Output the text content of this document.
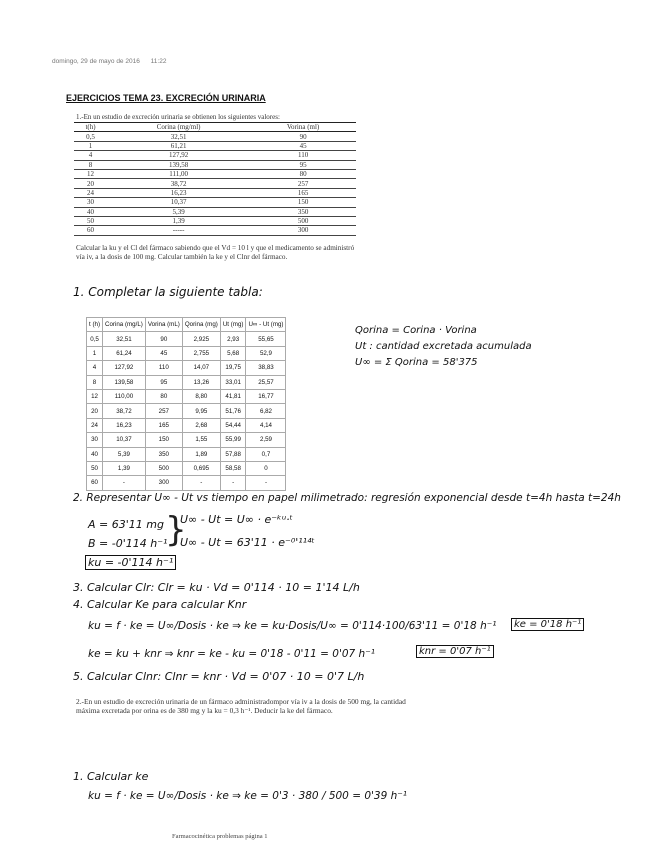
domingo, 29 de mayo de 2016 11:22
EJERCICIOS TEMA 23. EXCRECIÓN URINARIA
1.-En un estudio de excreción urinaria se obtienen los siguientes valores:
t(h)	Corina (mg/ml)	Vorina (ml)
0,5	32,51	90
1	61,21	45
4	127,92	110
8	139,58	95
12	111,00	80
20	38,72	257
24	16,23	165
30	10,37	150
40	5,39	350
50	1,39	500
60	-----	300
Calcular la ku y el Cl del fármaco sabiendo que el Vd = 10 l y que el medicamento se administró vía iv, a la dosis de 100 mg. Calcular también la ke y el Clnr del fármaco.
1. Completar la siguiente tabla:
t (h)	Corina (mg/L)	Vorina (mL)	Qorina (mg)	Ut (mg)	U∞ - Ut (mg)
0,5	32,51	90	2,925	2,93	55,65
1	61,24	45	2,755	5,68	52,9
4	127,92	110	14,07	19,75	38,83
8	139,58	95	13,26	33,01	25,57
12	110,00	80	8,80	41,81	16,77
20	38,72	257	9,95	51,76	6,82
24	16,23	165	2,68	54,44	4,14
30	10,37	150	1,55	55,99	2,59
40	5,39	350	1,89	57,88	0,7
50	1,39	500	0,695	58,58	0
60	-	300	-	-	-
Qorina = Corina · Vorina
Ut : cantidad excretada acumulada
U∞ = Σ Qorina = 58'375
2. Representar U∞ - Ut vs tiempo en papel milimetrado: regresión exponencial desde t=4h hasta t=24h
A = 63'11 mg
B = -0'114 h⁻¹
ku = -0'114 h⁻¹
}
U∞ - Ut = U∞ · e⁻ᵏᵘ·ᵗ
U∞ - Ut = 63'11 · e⁻⁰'¹¹⁴ᵗ
3. Calcular Clr: Clr = ku · Vd = 0'114 · 10 = 1'14 L/h
4. Calcular Ke para calcular Knr
ku = f · ke = U∞/Dosis · ke ⇒ ke = ku·Dosis/U∞ = 0'114·100/63'11 = 0'18 h⁻¹	ke = 0'18 h⁻¹
ke = ku + knr ⇒ knr = ke - ku = 0'18 - 0'11 = 0'07 h⁻¹	knr = 0'07 h⁻¹
5. Calcular Clnr: Clnr = knr · Vd = 0'07 · 10 = 0'7 L/h
2.-En un estudio de excreción urinaria de un fármaco administradompor vía iv a la dosis de 500 mg, la cantidad máxima excretada por orina es de 380 mg y la ku = 0,3 h⁻¹. Deducir la ke del fármaco.
1. Calcular ke
ku = f · ke = U∞/Dosis · ke ⇒ ke = 0'3 · 380 / 500 = 0'39 h⁻¹
Farmacocinética problemas página 1
